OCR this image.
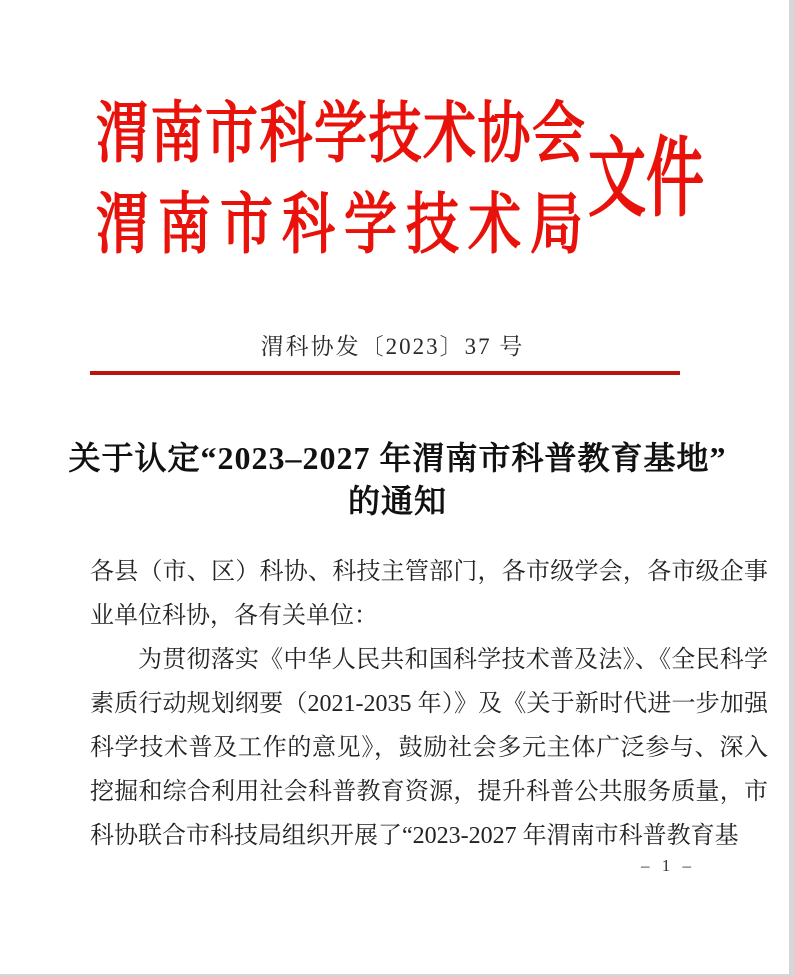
渭南市科学技术协会
渭南市科学技术局
文件
渭科协发〔2023〕37 号
关于认定“2023–2027 年渭南市科普教育基地”
的通知
各县（市、区）科协、科技主管部门，各市级学会，各市级企事
业单位科协，各有关单位：
为贯彻落实《中华人民共和国科学技术普及法》、《全民科学
素质行动规划纲要（2021-2035 年）》及《关于新时代进一步加强
科学技术普及工作的意见》，鼓励社会多元主体广泛参与、深入
挖掘和综合利用社会科普教育资源，提升科普公共服务质量，市
科协联合市科技局组织开展了“2023-2027 年渭南市科普教育基
– 1 –
